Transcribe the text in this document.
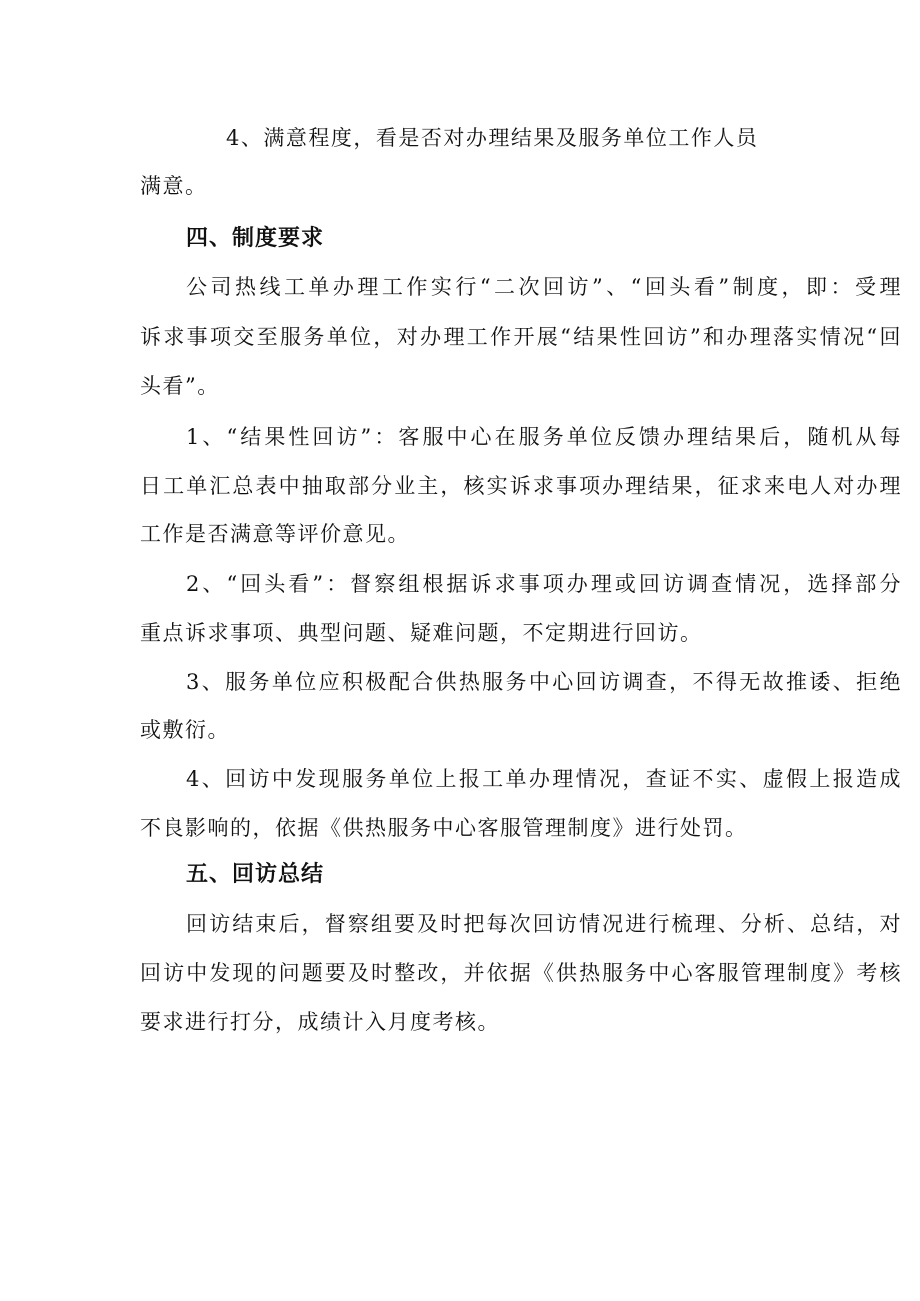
4、满意程度，看是否对办理结果及服务单位工作人员
满意。
四、制度要求
公司热线工单办理工作实行“二次回访”、“回头看”制度，即：受理
诉求事项交至服务单位，对办理工作开展“结果性回访”和办理落实情况“回
头看”。
1、“结果性回访”：客服中心在服务单位反馈办理结果后，随机从每
日工单汇总表中抽取部分业主，核实诉求事项办理结果，征求来电人对办理
工作是否满意等评价意见。
2、“回头看”：督察组根据诉求事项办理或回访调查情况，选择部分
重点诉求事项、典型问题、疑难问题，不定期进行回访。
3、服务单位应积极配合供热服务中心回访调查，不得无故推诿、拒绝
或敷衍。
4、回访中发现服务单位上报工单办理情况，查证不实、虚假上报造成
不良影响的，依据《供热服务中心客服管理制度》进行处罚。
五、回访总结
回访结束后，督察组要及时把每次回访情况进行梳理、分析、总结，对
回访中发现的问题要及时整改，并依据《供热服务中心客服管理制度》考核
要求进行打分，成绩计入月度考核。
